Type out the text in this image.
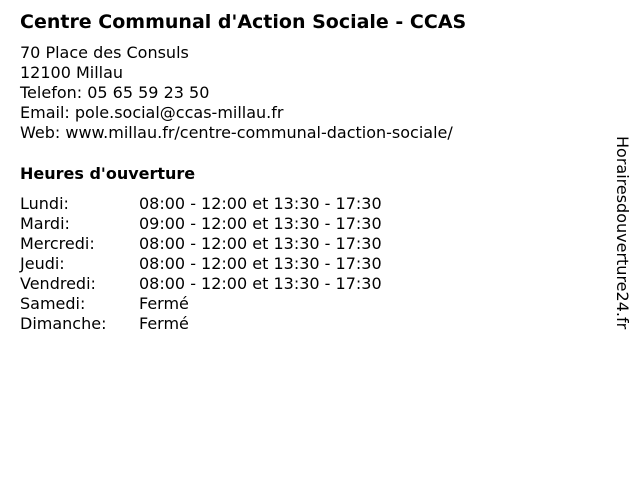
Centre Communal d'Action Sociale - CCAS
70 Place des Consuls
12100 Millau
Telefon: 05 65 59 23 50
Email: pole.social@ccas-millau.fr
Web: www.millau.fr/centre-communal-daction-sociale/
Heures d'ouverture
Lundi:	08:00 - 12:00 et 13:30 - 17:30
Mardi:	09:00 - 12:00 et 13:30 - 17:30
Mercredi:	08:00 - 12:00 et 13:30 - 17:30
Jeudi:	08:00 - 12:00 et 13:30 - 17:30
Vendredi:	08:00 - 12:00 et 13:30 - 17:30
Samedi:	Fermé
Dimanche: Fermé	Horairesdouverture24.fr
